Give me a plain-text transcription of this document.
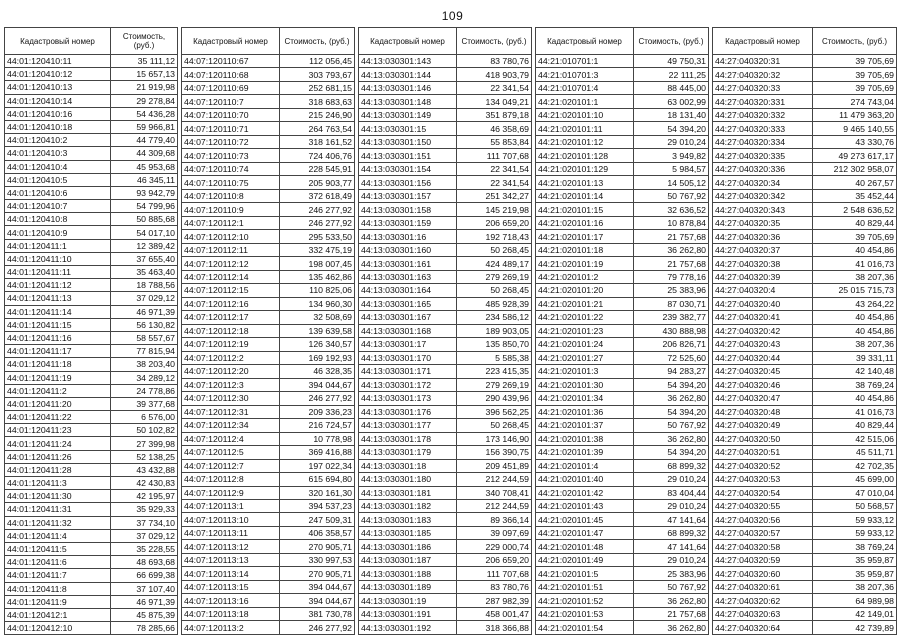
109
Кадастровый номер	Стоимость, (руб.)
44:01:120410:11	35 111,12
44:01:120410:12	15 657,13
44:01:120410:13	21 919,98
44:01:120410:14	29 278,84
44:01:120410:16	54 436,28
44:01:120410:18	59 966,81
44:01:120410:2	44 779,40
44:01:120410:3	44 309,68
44:01:120410:4	45 953,68
44:01:120410:5	46 345,11
44:01:120410:6	93 942,79
44:01:120410:7	54 799,96
44:01:120410:8	50 885,68
44:01:120410:9	54 017,10
44:01:120411:1	12 389,42
44:01:120411:10	37 655,40
44:01:120411:11	35 463,40
44:01:120411:12	18 788,56
44:01:120411:13	37 029,12
44:01:120411:14	46 971,39
44:01:120411:15	56 130,82
44:01:120411:16	58 557,67
44:01:120411:17	77 815,94
44:01:120411:18	38 203,40
44:01:120411:19	34 289,12
44:01:120411:2	24 778,86
44:01:120411:20	39 377,68
44:01:120411:22	6 576,00
44:01:120411:23	50 102,82
44:01:120411:24	27 399,98
44:01:120411:26	52 138,25
44:01:120411:28	43 432,88
44:01:120411:3	42 430,83
44:01:120411:30	42 195,97
44:01:120411:31	35 929,33
44:01:120411:32	37 734,10
44:01:120411:4	37 029,12
44:01:120411:5	35 228,55
44:01:120411:6	48 693,68
44:01:120411:7	66 699,38
44:01:120411:8	37 107,40
44:01:120411:9	46 971,39
44:01:120412:1	45 875,39
44:01:120412:10	78 285,66
Кадастровый номер	Стоимость, (руб.)
44:07:120110:67	112 056,45
44:07:120110:68	303 793,67
44:07:120110:69	252 681,15
44:07:120110:7	318 683,63
44:07:120110:70	215 246,90
44:07:120110:71	264 763,54
44:07:120110:72	318 161,52
44:07:120110:73	724 406,76
44:07:120110:74	228 545,91
44:07:120110:75	205 903,77
44:07:120110:8	372 618,49
44:07:120110:9	246 277,92
44:07:120112:1	246 277,92
44:07:120112:10	295 533,50
44:07:120112:11	332 475,19
44:07:120112:12	198 007,45
44:07:120112:14	135 462,86
44:07:120112:15	110 825,06
44:07:120112:16	134 960,30
44:07:120112:17	32 508,69
44:07:120112:18	139 639,58
44:07:120112:19	126 340,57
44:07:120112:2	169 192,93
44:07:120112:20	46 328,35
44:07:120112:3	394 044,67
44:07:120112:30	246 277,92
44:07:120112:31	209 336,23
44:07:120112:34	216 724,57
44:07:120112:4	10 778,98
44:07:120112:5	369 416,88
44:07:120112:7	197 022,34
44:07:120112:8	615 694,80
44:07:120112:9	320 161,30
44:07:120113:1	394 537,23
44:07:120113:10	247 509,31
44:07:120113:11	406 358,57
44:07:120113:12	270 905,71
44:07:120113:13	330 997,53
44:07:120113:14	270 905,71
44:07:120113:15	394 044,67
44:07:120113:16	394 044,67
44:07:120113:18	381 730,78
44:07:120113:2	246 277,92
Кадастровый номер	Стоимость, (руб.)
44:13:030301:143	83 780,76
44:13:030301:144	418 903,79
44:13:030301:146	22 341,54
44:13:030301:148	134 049,21
44:13:030301:149	351 879,18
44:13:030301:15	46 358,69
44:13:030301:150	55 853,84
44:13:030301:151	111 707,68
44:13:030301:154	22 341,54
44:13:030301:156	22 341,54
44:13:030301:157	251 342,27
44:13:030301:158	145 219,98
44:13:030301:159	206 659,20
44:13:030301:16	192 718,43
44:13:030301:160	50 268,45
44:13:030301:161	424 489,17
44:13:030301:163	279 269,19
44:13:030301:164	50 268,45
44:13:030301:165	485 928,39
44:13:030301:167	234 586,12
44:13:030301:168	189 903,05
44:13:030301:17	135 850,70
44:13:030301:170	5 585,38
44:13:030301:171	223 415,35
44:13:030301:172	279 269,19
44:13:030301:173	290 439,96
44:13:030301:176	396 562,25
44:13:030301:177	50 268,45
44:13:030301:178	173 146,90
44:13:030301:179	156 390,75
44:13:030301:18	209 451,89
44:13:030301:180	212 244,59
44:13:030301:181	340 708,41
44:13:030301:182	212 244,59
44:13:030301:183	89 366,14
44:13:030301:185	39 097,69
44:13:030301:186	229 000,74
44:13:030301:187	206 659,20
44:13:030301:188	111 707,68
44:13:030301:189	83 780,76
44:13:030301:19	287 982,39
44:13:030301:191	458 001,47
44:13:030301:192	318 366,88
Кадастровый номер	Стоимость, (руб.)
44:21:010701:1	49 750,31
44:21:010701:3	22 111,25
44:21:010701:4	88 445,00
44:21:020101:1	63 002,99
44:21:020101:10	18 131,40
44:21:020101:11	54 394,20
44:21:020101:12	29 010,24
44:21:020101:128	3 949,82
44:21:020101:129	5 984,57
44:21:020101:13	14 505,12
44:21:020101:14	50 767,92
44:21:020101:15	32 636,52
44:21:020101:16	10 878,84
44:21:020101:17	21 757,68
44:21:020101:18	36 262,80
44:21:020101:19	21 757,68
44:21:020101:2	79 778,16
44:21:020101:20	25 383,96
44:21:020101:21	87 030,71
44:21:020101:22	239 382,77
44:21:020101:23	430 888,98
44:21:020101:24	206 826,71
44:21:020101:27	72 525,60
44:21:020101:3	94 283,27
44:21:020101:30	54 394,20
44:21:020101:34	36 262,80
44:21:020101:36	54 394,20
44:21:020101:37	50 767,92
44:21:020101:38	36 262,80
44:21:020101:39	54 394,20
44:21:020101:4	68 899,32
44:21:020101:40	29 010,24
44:21:020101:42	83 404,44
44:21:020101:43	29 010,24
44:21:020101:45	47 141,64
44:21:020101:47	68 899,32
44:21:020101:48	47 141,64
44:21:020101:49	29 010,24
44:21:020101:5	25 383,96
44:21:020101:51	50 767,92
44:21:020101:52	36 262,80
44:21:020101:53	21 757,68
44:21:020101:54	36 262,80
Кадастровый номер	Стоимость, (руб.)
44:27:040320:31	39 705,69
44:27:040320:32	39 705,69
44:27:040320:33	39 705,69
44:27:040320:331	274 743,04
44:27:040320:332	11 479 363,20
44:27:040320:333	9 465 140,55
44:27:040320:334	43 330,76
44:27:040320:335	49 273 617,17
44:27:040320:336	212 302 958,07
44:27:040320:34	40 267,57
44:27:040320:342	35 452,44
44:27:040320:343	2 548 636,52
44:27:040320:35	40 829,44
44:27:040320:36	39 705,69
44:27:040320:37	40 454,86
44:27:040320:38	41 016,73
44:27:040320:39	38 207,36
44:27:040320:4	25 015 715,73
44:27:040320:40	43 264,22
44:27:040320:41	40 454,86
44:27:040320:42	40 454,86
44:27:040320:43	38 207,36
44:27:040320:44	39 331,11
44:27:040320:45	42 140,48
44:27:040320:46	38 769,24
44:27:040320:47	40 454,86
44:27:040320:48	41 016,73
44:27:040320:49	40 829,44
44:27:040320:50	42 515,06
44:27:040320:51	45 511,71
44:27:040320:52	42 702,35
44:27:040320:53	45 699,00
44:27:040320:54	47 010,04
44:27:040320:55	50 568,57
44:27:040320:56	59 933,12
44:27:040320:57	59 933,12
44:27:040320:58	38 769,24
44:27:040320:59	35 959,87
44:27:040320:60	35 959,87
44:27:040320:61	38 207,36
44:27:040320:62	64 989,98
44:27:040320:63	42 149,01
44:27:040320:64	42 739,89
